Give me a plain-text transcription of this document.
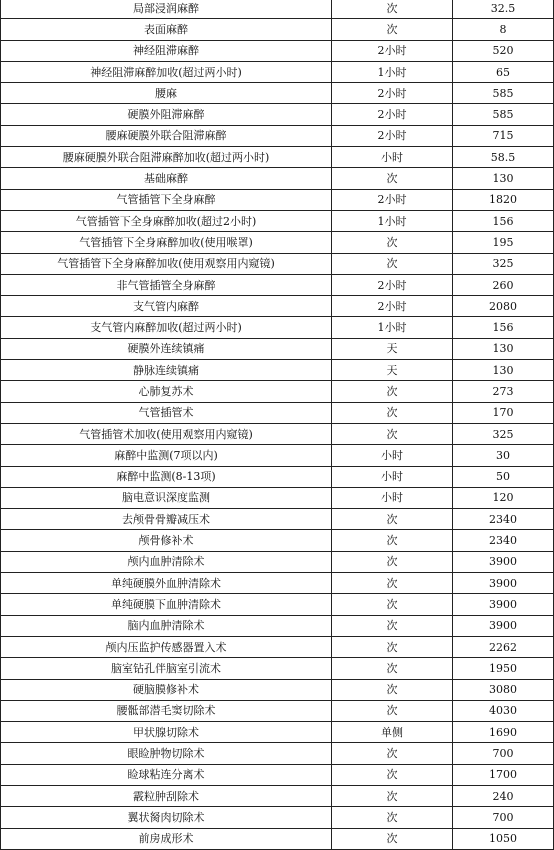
局部浸润麻醉	次	32.5
表面麻醉	次	8
神经阻滞麻醉	2小时	520
神经阻滞麻醉加收(超过两小时)	1小时	65
腰麻	2小时	585
硬膜外阻滞麻醉	2小时	585
腰麻硬膜外联合阻滞麻醉	2小时	715
腰麻硬膜外联合阻滞麻醉加收(超过两小时)	小时	58.5
基础麻醉	次	130
气管插管下全身麻醉	2小时	1820
气管插管下全身麻醉加收(超过2小时)	1小时	156
气管插管下全身麻醉加收(使用喉罩)	次	195
气管插管下全身麻醉加收(使用观察用内窥镜)	次	325
非气管插管全身麻醉	2小时	260
支气管内麻醉	2小时	2080
支气管内麻醉加收(超过两小时)	1小时	156
硬膜外连续镇痛	天	130
静脉连续镇痛	天	130
心肺复苏术	次	273
气管插管术	次	170
气管插管术加收(使用观察用内窥镜)	次	325
麻醉中监测(7项以内)	小时	30
麻醉中监测(8-13项)	小时	50
脑电意识深度监测	小时	120
去颅骨骨瓣减压术	次	2340
颅骨修补术	次	2340
颅内血肿清除术	次	3900
单纯硬膜外血肿清除术	次	3900
单纯硬膜下血肿清除术	次	3900
脑内血肿清除术	次	3900
颅内压监护传感器置入术	次	2262
脑室钻孔伴脑室引流术	次	1950
硬脑膜修补术	次	3080
腰骶部潜毛窦切除术	次	4030
甲状腺切除术	单侧	1690
眼睑肿物切除术	次	700
睑球粘连分离术	次	1700
霰粒肿刮除术	次	240
翼状胬肉切除术	次	700
前房成形术	次	1050
